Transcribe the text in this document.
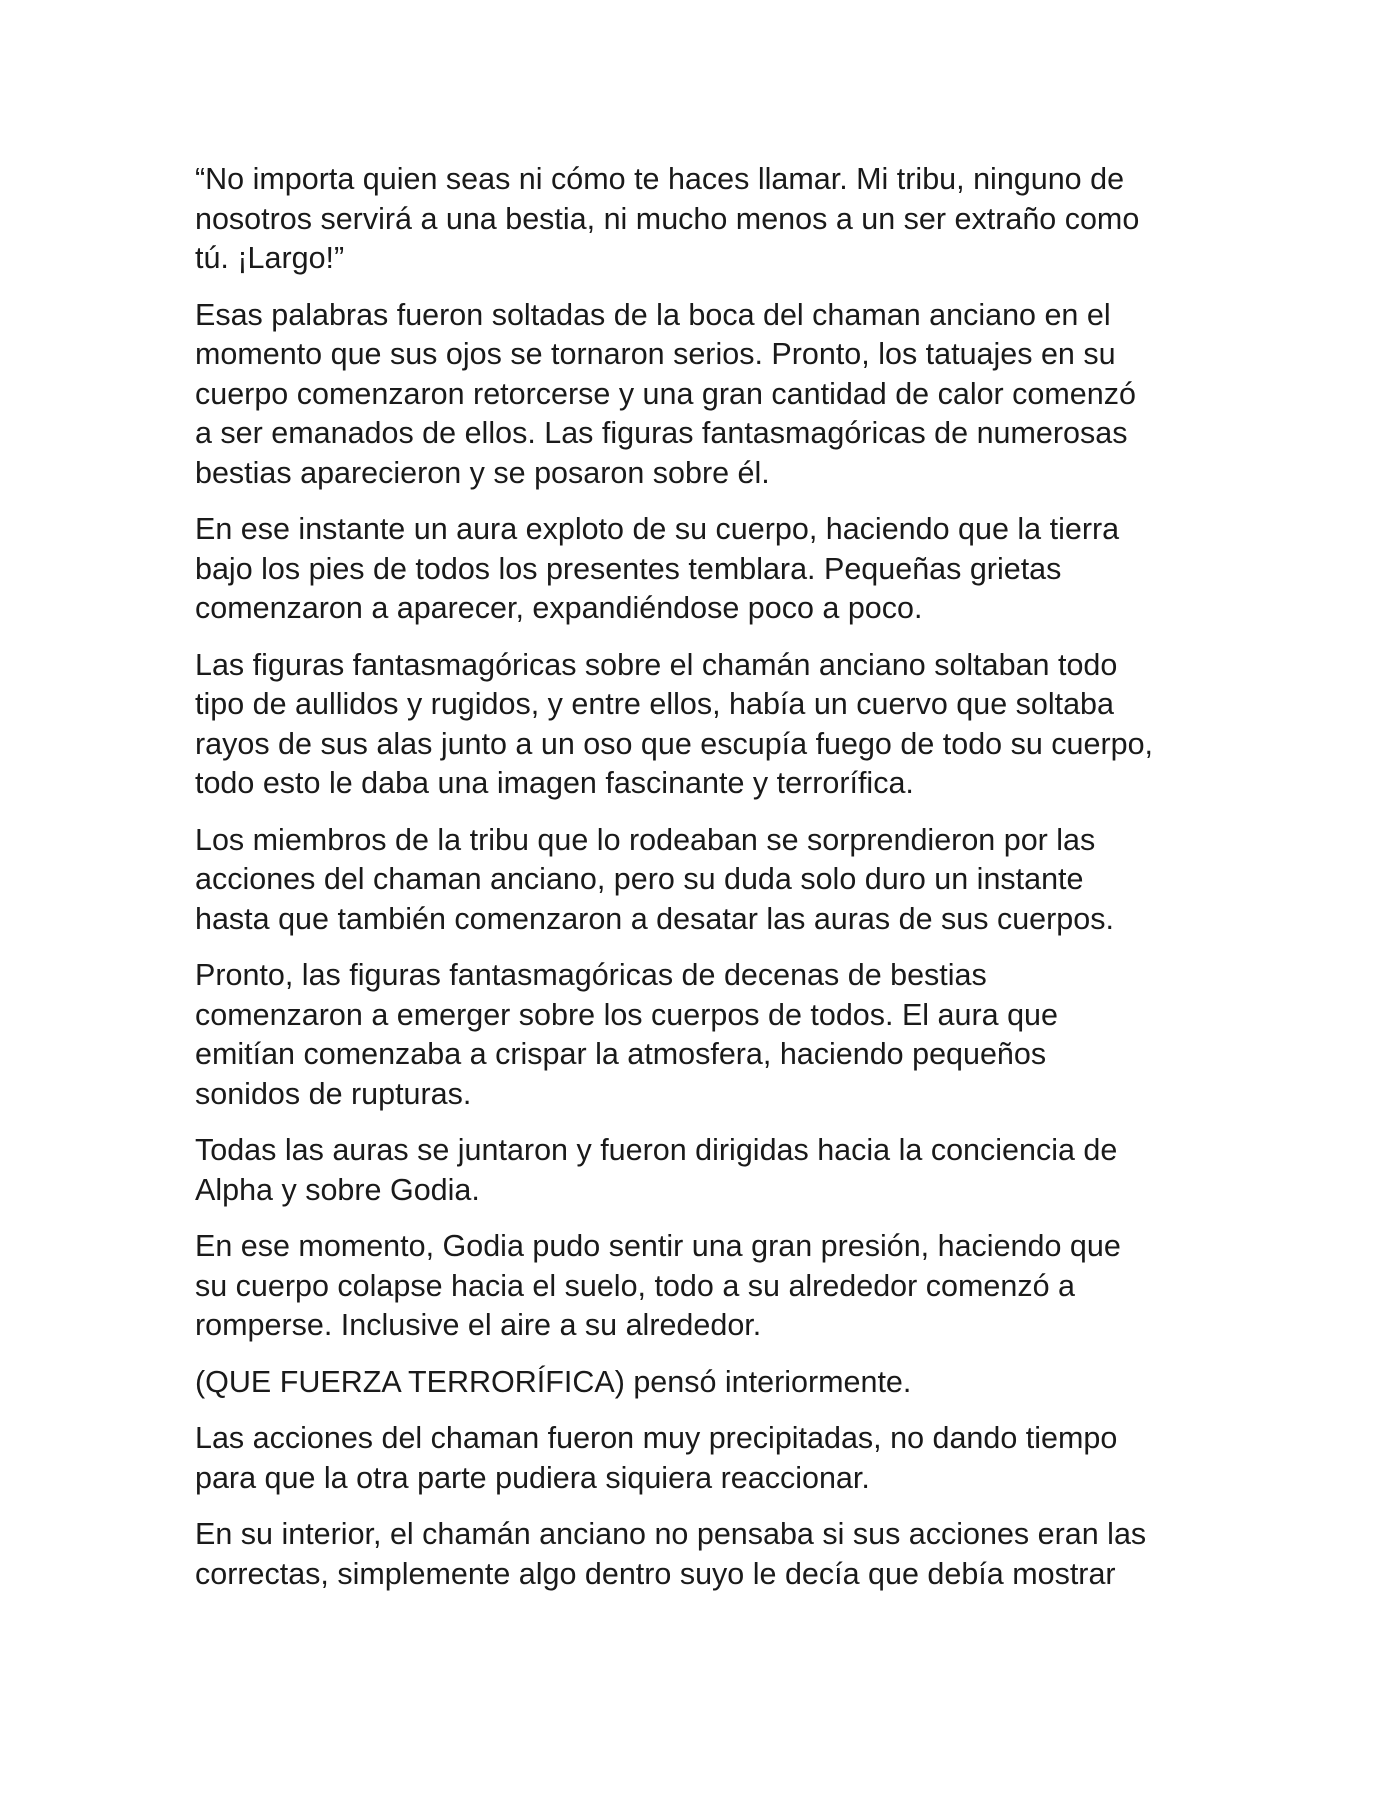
“No importa quien seas ni cómo te haces llamar. Mi tribu, ninguno de
nosotros servirá a una bestia, ni mucho menos a un ser extraño como
tú. ¡Largo!”

Esas palabras fueron soltadas de la boca del chaman anciano en el
momento que sus ojos se tornaron serios. Pronto, los tatuajes en su
cuerpo comenzaron retorcerse y una gran cantidad de calor comenzó
a ser emanados de ellos. Las figuras fantasmagóricas de numerosas
bestias aparecieron y se posaron sobre él.

En ese instante un aura exploto de su cuerpo, haciendo que la tierra
bajo los pies de todos los presentes temblara. Pequeñas grietas
comenzaron a aparecer, expandiéndose poco a poco.

Las figuras fantasmagóricas sobre el chamán anciano soltaban todo
tipo de aullidos y rugidos, y entre ellos, había un cuervo que soltaba
rayos de sus alas junto a un oso que escupía fuego de todo su cuerpo,
todo esto le daba una imagen fascinante y terrorífica.

Los miembros de la tribu que lo rodeaban se sorprendieron por las
acciones del chaman anciano, pero su duda solo duro un instante
hasta que también comenzaron a desatar las auras de sus cuerpos.

Pronto, las figuras fantasmagóricas de decenas de bestias
comenzaron a emerger sobre los cuerpos de todos. El aura que
emitían comenzaba a crispar la atmosfera, haciendo pequeños
sonidos de rupturas.

Todas las auras se juntaron y fueron dirigidas hacia la conciencia de
Alpha y sobre Godia.

En ese momento, Godia pudo sentir una gran presión, haciendo que
su cuerpo colapse hacia el suelo, todo a su alrededor comenzó a
romperse. Inclusive el aire a su alrededor.

(QUE FUERZA TERRORÍFICA) pensó interiormente.

Las acciones del chaman fueron muy precipitadas, no dando tiempo
para que la otra parte pudiera siquiera reaccionar.

En su interior, el chamán anciano no pensaba si sus acciones eran las
correctas, simplemente algo dentro suyo le decía que debía mostrar
